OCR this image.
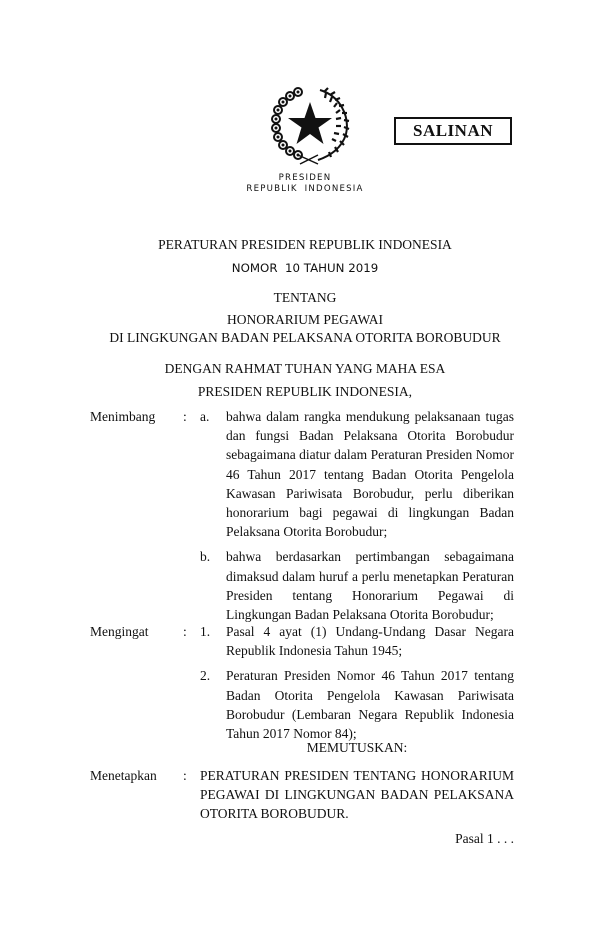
SALINAN
PRESIDEN
REPUBLIK INDONESIA
PERATURAN PRESIDEN REPUBLIK INDONESIA
NOMOR  10 TAHUN 2019
TENTANG
HONORARIUM PEGAWAI
DI LINGKUNGAN BADAN PELAKSANA OTORITA BOROBUDUR
DENGAN RAHMAT TUHAN YANG MAHA ESA
PRESIDEN REPUBLIK INDONESIA,
Menimbang : a. bahwa dalam rangka mendukung pelaksanaan tugas dan fungsi Badan Pelaksana Otorita Borobudur sebagaimana diatur dalam Peraturan Presiden Nomor 46 Tahun 2017 tentang Badan Otorita Pengelola Kawasan Pariwisata Borobudur, perlu diberikan honorarium bagi pegawai di lingkungan Badan Pelaksana Otorita Borobudur;
b. bahwa berdasarkan pertimbangan sebagaimana dimaksud dalam huruf a perlu menetapkan Peraturan Presiden tentang Honorarium Pegawai di Lingkungan Badan Pelaksana Otorita Borobudur;
Mengingat	: 1. Pasal 4 ayat (1) Undang-Undang Dasar Negara Republik Indonesia Tahun 1945;
2. Peraturan Presiden Nomor 46 Tahun 2017 tentang Badan Otorita Pengelola Kawasan Pariwisata Borobudur (Lembaran Negara Republik Indonesia Tahun 2017 Nomor 84);
MEMUTUSKAN:
Menetapkan : PERATURAN PRESIDEN TENTANG HONORARIUM PEGAWAI DI LINGKUNGAN BADAN PELAKSANA OTORITA BOROBUDUR.
Pasal 1 . . .
